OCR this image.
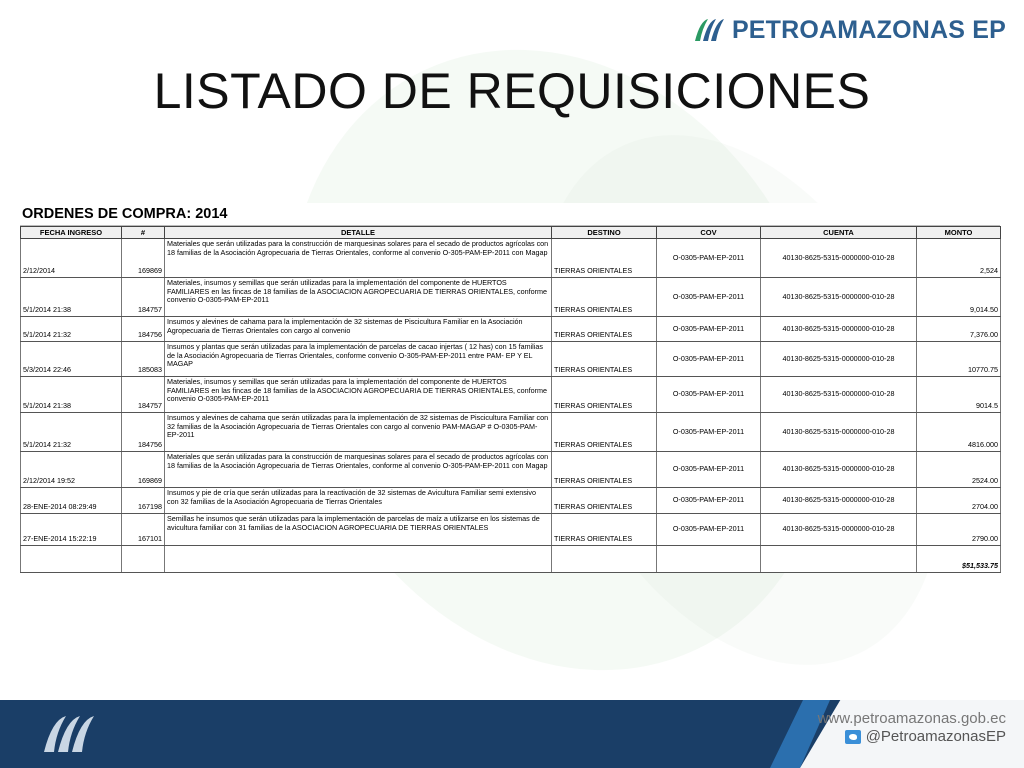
PETROAMAZONAS EP
LISTADO DE REQUISICIONES
ORDENES DE COMPRA: 2014
FECHA INGRESO	#	DETALLE	DESTINO	COV	CUENTA	MONTO
2/12/2014	169869	Materiales que serán utilizadas para la construcción de marquesinas solares para el secado de productos agrícolas con 18 familias de la Asociación Agropecuaria de Tierras Orientales, conforme al convenio O-305-PAM-EP-2011 con Magap	TIERRAS ORIENTALES	O-0305-PAM-EP-2011	40130-8625-5315-0000000-010-28	2,524
5/1/2014 21:38	184757	Materiales, insumos y semillas que serán utilizadas para la implementación del componente de HUERTOS FAMILIARES en las fincas de 18 familias de la ASOCIACION AGROPECUARIA DE TIERRAS ORIENTALES, conforme convenio O-0305-PAM-EP-2011	TIERRAS ORIENTALES	O-0305-PAM-EP-2011	40130-8625-5315-0000000-010-28	9,014.50
5/1/2014 21:32	184756	Insumos y alevines de cahama para la implementación de 32 sistemas de Piscicultura Familiar en la Asociación Agropecuaria de Tierras Orientales con cargo al convenio	TIERRAS ORIENTALES	O-0305-PAM-EP-2011	40130-8625-5315-0000000-010-28	7,376.00
5/3/2014 22:46	185083	Insumos y plantas que serán utilizadas para la implementación de parcelas de cacao injertas ( 12 has) con 15 familias de la Asociación Agropecuaria de Tierras Orientales, conforme convenio O-305-PAM-EP-2011 entre PAM- EP Y EL MAGAP	TIERRAS ORIENTALES	O-0305-PAM-EP-2011	40130-8625-5315-0000000-010-28	10770.75
5/1/2014 21:38	184757	Materiales, insumos y semillas que serán utilizadas para la implementación del componente de HUERTOS FAMILIARES en las fincas de 18 familias de la ASOCIACION AGROPECUARIA DE TIERRAS ORIENTALES, conforme convenio O-0305-PAM-EP-2011	TIERRAS ORIENTALES	O-0305-PAM-EP-2011	40130-8625-5315-0000000-010-28	9014.5
5/1/2014 21:32	184756	Insumos y alevines de cahama que serán utilizadas para la implementación de 32 sistemas de Piscicultura Familiar con 32 familias de la Asociación Agropecuaria de Tierras Orientales con cargo al convenio PAM-MAGAP # O-0305-PAM-EP-2011	TIERRAS ORIENTALES	O-0305-PAM-EP-2011	40130-8625-5315-0000000-010-28	4816.000
2/12/2014 19:52	169869	Materiales que serán utilizadas para la construcción de marquesinas solares para el secado de productos agrícolas con 18 familias de la Asociación Agropecuaria de Tierras Orientales, conforme al convenio O-305-PAM-EP-2011 con Magap	TIERRAS ORIENTALES	O-0305-PAM-EP-2011	40130-8625-5315-0000000-010-28	2524.00
28-ENE-2014 08:29:49	167198	Insumos y pie de cría que serán utilizadas para la reactivación de 32 sistemas de Avicultura Familiar semi extensivo con 32 familias de la Asociación Agropecuaria de Tierras Orientales	TIERRAS ORIENTALES	O-0305-PAM-EP-2011	40130-8625-5315-0000000-010-28	2704.00
27-ENE-2014 15:22:19	167101	Semillas he insumos que serán utilizadas para la implementación de parcelas de maíz a utilizarse en los sistemas de avicultura familiar con 31 familias de la ASOCIACION AGROPECUARIA DE TIERRAS ORIENTALES	TIERRAS ORIENTALES	O-0305-PAM-EP-2011	40130-8625-5315-0000000-010-28	2790.00
						$51,533.75
www.petroamazonas.gob.ec
@PetroamazonasEP
